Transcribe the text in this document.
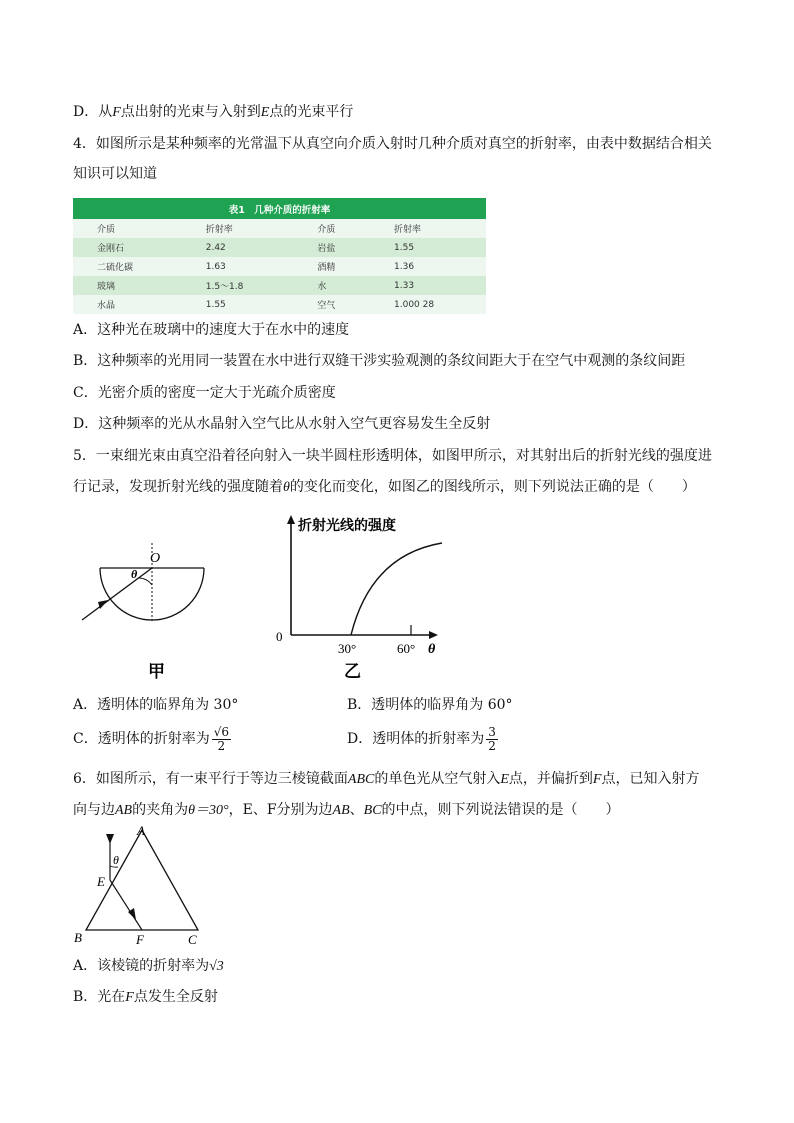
D．从F点出射的光束与入射到E点的光束平行
4．如图所示是某种频率的光常温下从真空向介质入射时几种介质对真空的折射率，由表中数据结合相关
知识可以知道
表1　几种介质的折射率			
介质	折射率	介质	折射率
金刚石	2.42	岩盐	1.55
二硫化碳	1.63	酒精	1.36
玻璃	1.5～1.8	水	1.33
水晶	1.55	空气	1.000 28
A．这种光在玻璃中的速度大于在水中的速度
B．这种频率的光用同一装置在水中进行双缝干涉实验观测的条纹间距大于在空气中观测的条纹间距
C．光密介质的密度一定大于光疏介质密度
D．这种频率的光从水晶射入空气比从水射入空气更容易发生全反射
5．一束细光束由真空沿着径向射入一块半圆柱形透明体，如图甲所示，对其射出后的折射光线的强度进
行记录，发现折射光线的强度随着θ的变化而变化，如图乙的图线所示，则下列说法正确的是（　　）
O
θ
甲
折射光线的强度
0
30°	60° θ
乙
A．透明体的临界角为 30°	B．透明体的临界角为 60°
C．透明体的折射率为 $\frac{√6}{2}$	D．透明体的折射率为 $\frac{3}{2}$
6．如图所示，有一束平行于等边三棱镜截面ABC的单色光从空气射入E点，并偏折到F点，已知入射方
向与边AB的夹角为θ＝30°，E、F分别为边AB、BC的中点，则下列说法错误的是（　　）
A
B	C
E
F
θ
A．该棱镜的折射率为√3
B．光在F点发生全反射
